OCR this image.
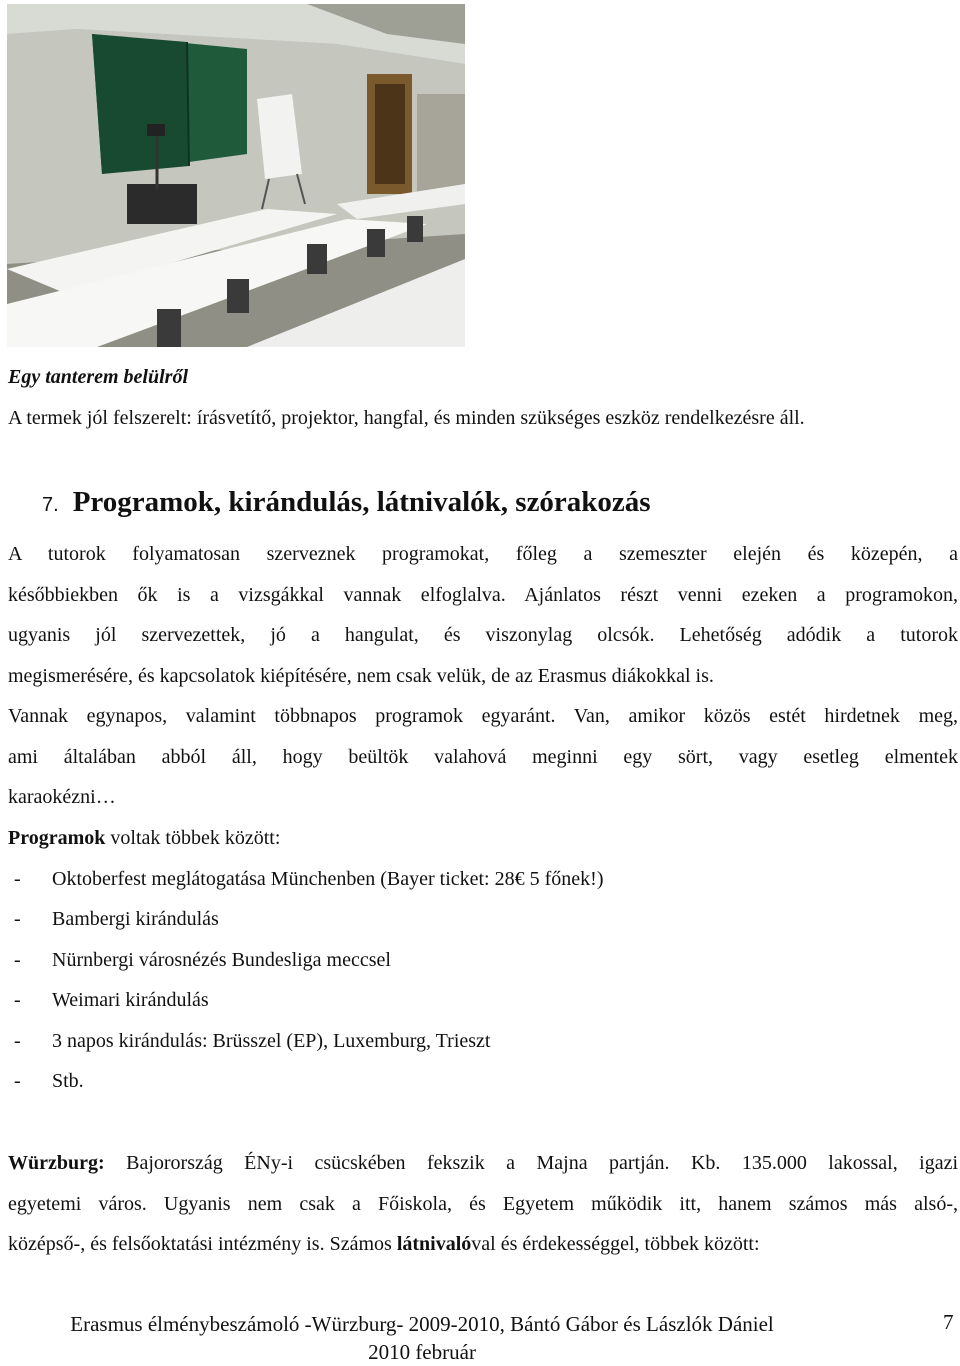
Egy tanterem belülről
A termek jól felszerelt: írásvetítő, projektor, hangfal, és minden szükséges eszköz rendelkezésre áll.
7. Programok, kirándulás, látnivalók, szórakozás
A tutorok folyamatosan szerveznek programokat, főleg a szemeszter elején és közepén, a
későbbiekben ők is a vizsgákkal vannak elfoglalva. Ajánlatos részt venni ezeken a programokon,
ugyanis jól szervezettek, jó a hangulat, és viszonylag olcsók. Lehetőség adódik a tutorok
megismerésére, és kapcsolatok kiépítésére, nem csak velük, de az Erasmus diákokkal is.
Vannak egynapos, valamint többnapos programok egyaránt. Van, amikor közös estét hirdetnek meg,
ami általában abból áll, hogy beültök valahová meginni egy sört, vagy esetleg elmentek
karaokézni…
Programok voltak többek között:
- Oktoberfest meglátogatása Münchenben (Bayer ticket: 28€ 5 főnek!)
- Bambergi kirándulás
- Nürnbergi városnézés Bundesliga meccsel
- Weimari kirándulás
- 3 napos kirándulás: Brüsszel (EP), Luxemburg, Trieszt
- Stb.
Würzburg: Bajorország ÉNy-i csücskében fekszik a Majna partján. Kb. 135.000 lakossal, igazi
egyetemi város. Ugyanis nem csak a Főiskola, és Egyetem működik itt, hanem számos más alsó-,
középső-, és felsőoktatási intézmény is. Számos látnivalóval és érdekességgel, többek között:
Erasmus élménybeszámoló -Würzburg- 2009-2010, Bántó Gábor és Lászlók Dániel
2010 február
7
